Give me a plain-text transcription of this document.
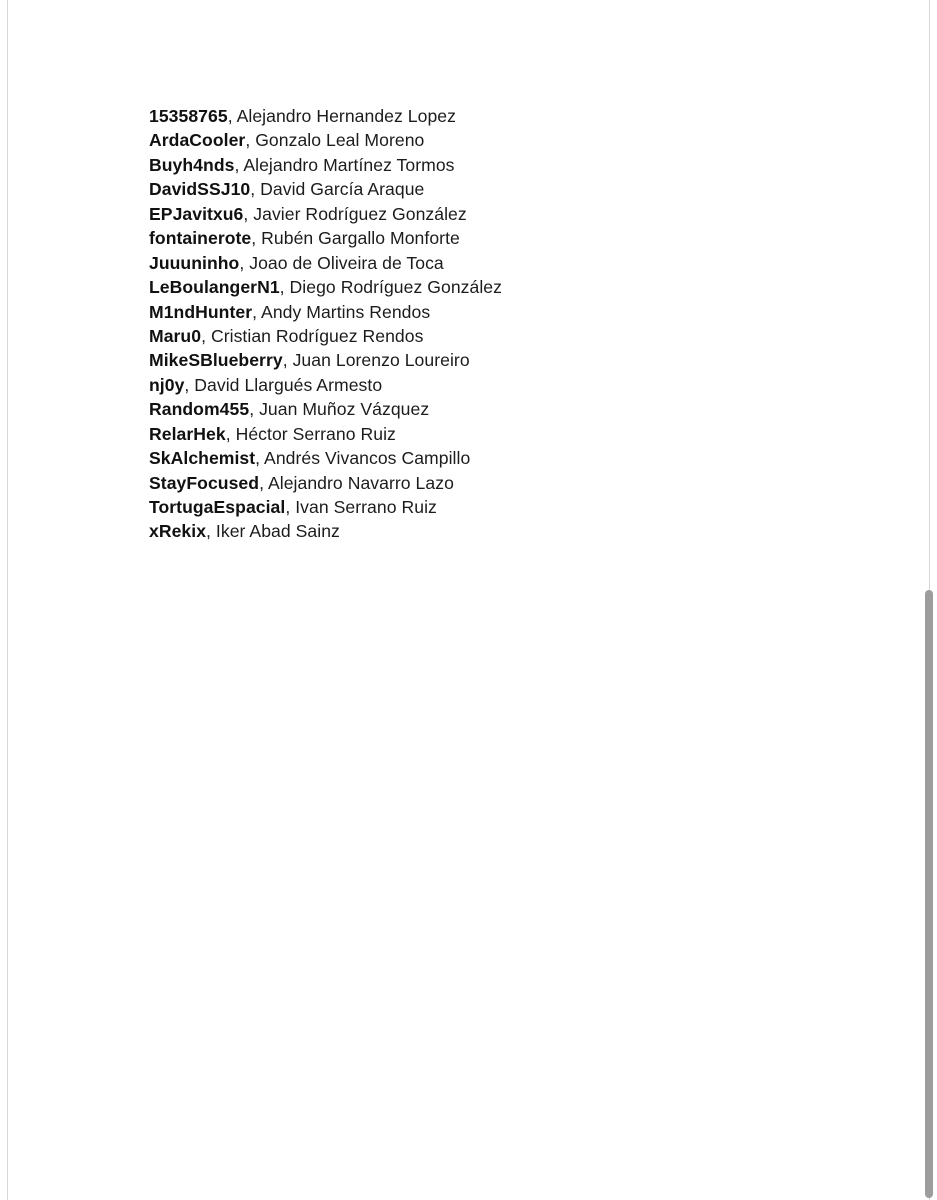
15358765, Alejandro Hernandez Lopez
ArdaCooler, Gonzalo Leal Moreno
Buyh4nds, Alejandro Martínez Tormos
DavidSSJ10, David García Araque
EPJavitxu6, Javier Rodríguez González
fontainerote, Rubén Gargallo Monforte
Juuuninho, Joao de Oliveira de Toca
LeBoulangerN1, Diego Rodríguez González
M1ndHunter, Andy Martins Rendos
Maru0, Cristian Rodríguez Rendos
MikeSBlueberry, Juan Lorenzo Loureiro
nj0y, David Llargués Armesto
Random455, Juan Muñoz Vázquez
RelarHek, Héctor Serrano Ruiz
SkAlchemist, Andrés Vivancos Campillo
StayFocused, Alejandro Navarro Lazo
TortugaEspacial, Ivan Serrano Ruiz
xRekix, Iker Abad Sainz
